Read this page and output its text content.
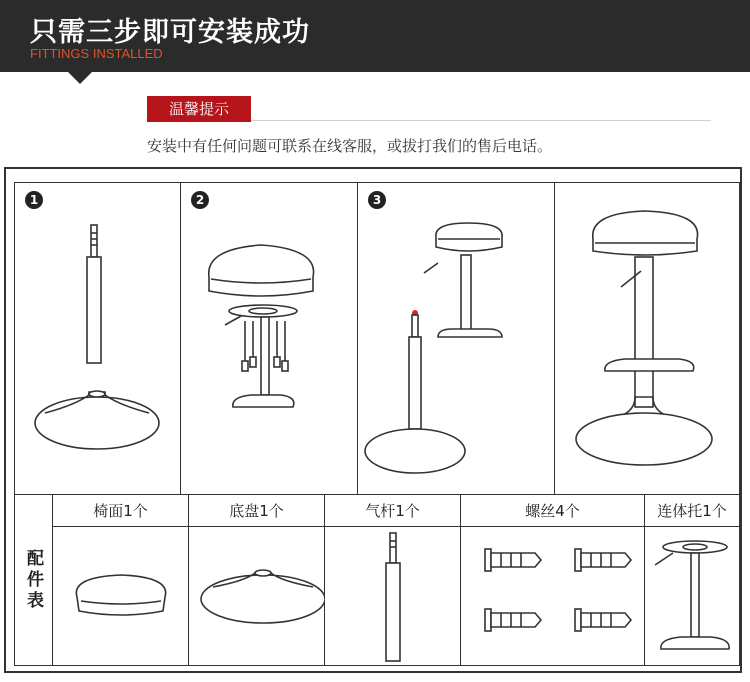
只需三步即可安装成功
FITTINGS INSTALLED
温馨提示
安装中有任何问题可联系在线客服，或拔打我们的售后电话。
1	2	3
配件表
椅面1个	底盘1个	气杆1个	螺丝4个	连体托1个
